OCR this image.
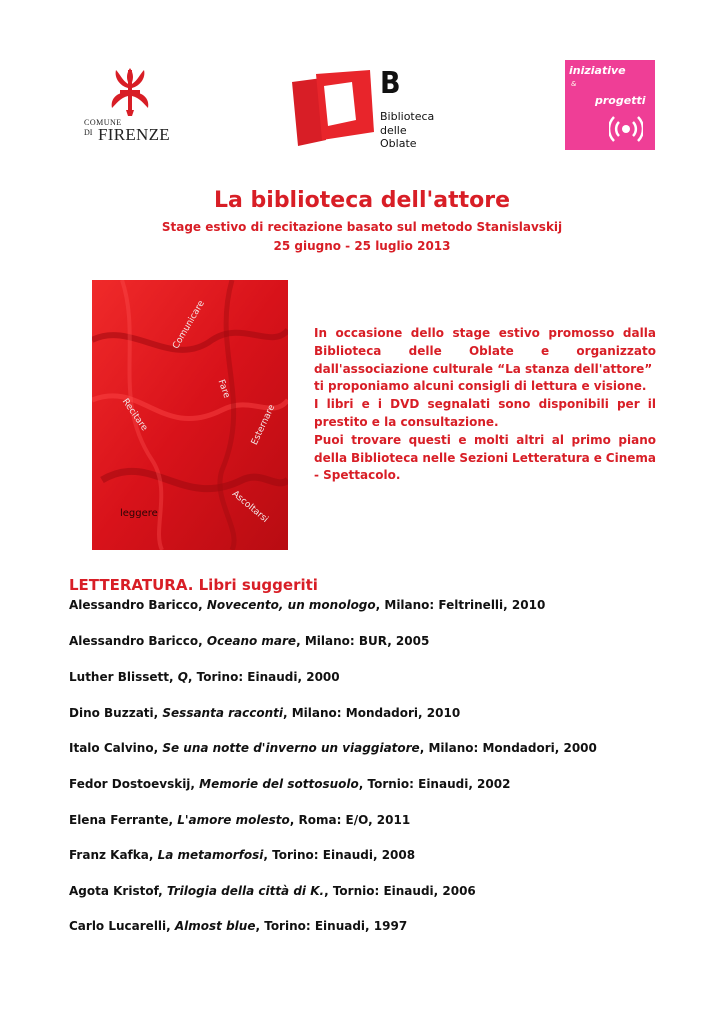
COMUNE
DI FIRENZE
B
Biblioteca
delle Oblate
iniziative
&
progetti
La biblioteca dell'attore
Stage estivo di recitazione basato sul metodo Stanislavskij
25 giugno - 25 luglio 2013
Comunicare
Fare
Recitare	Esternare
Ascoltarsi
leggere
In occasione dello stage estivo promosso dalla
Biblioteca delle Oblate e organizzato
dall'associazione culturale “La stanza dell'attore”
ti proponiamo alcuni consigli di lettura e visione.
I libri e i DVD segnalati sono disponibili per il
prestito e la consultazione.
Puoi trovare questi e molti altri al primo piano
della Biblioteca nelle Sezioni Letteratura e Cinema
- Spettacolo.
LETTERATURA. Libri suggeriti
Alessandro Baricco, Novecento, un monologo, Milano: Feltrinelli, 2010
Alessandro Baricco, Oceano mare, Milano: BUR, 2005
Luther Blissett, Q, Torino: Einaudi, 2000
Dino Buzzati, Sessanta racconti, Milano: Mondadori, 2010
Italo Calvino, Se una notte d'inverno un viaggiatore, Milano: Mondadori, 2000
Fedor Dostoevskij, Memorie del sottosuolo, Tornio: Einaudi, 2002
Elena Ferrante, L'amore molesto, Roma: E/O, 2011
Franz Kafka, La metamorfosi, Torino: Einaudi, 2008
Agota Kristof, Trilogia della città di K., Tornio: Einaudi, 2006
Carlo Lucarelli, Almost blue, Torino: Einuadi, 1997
